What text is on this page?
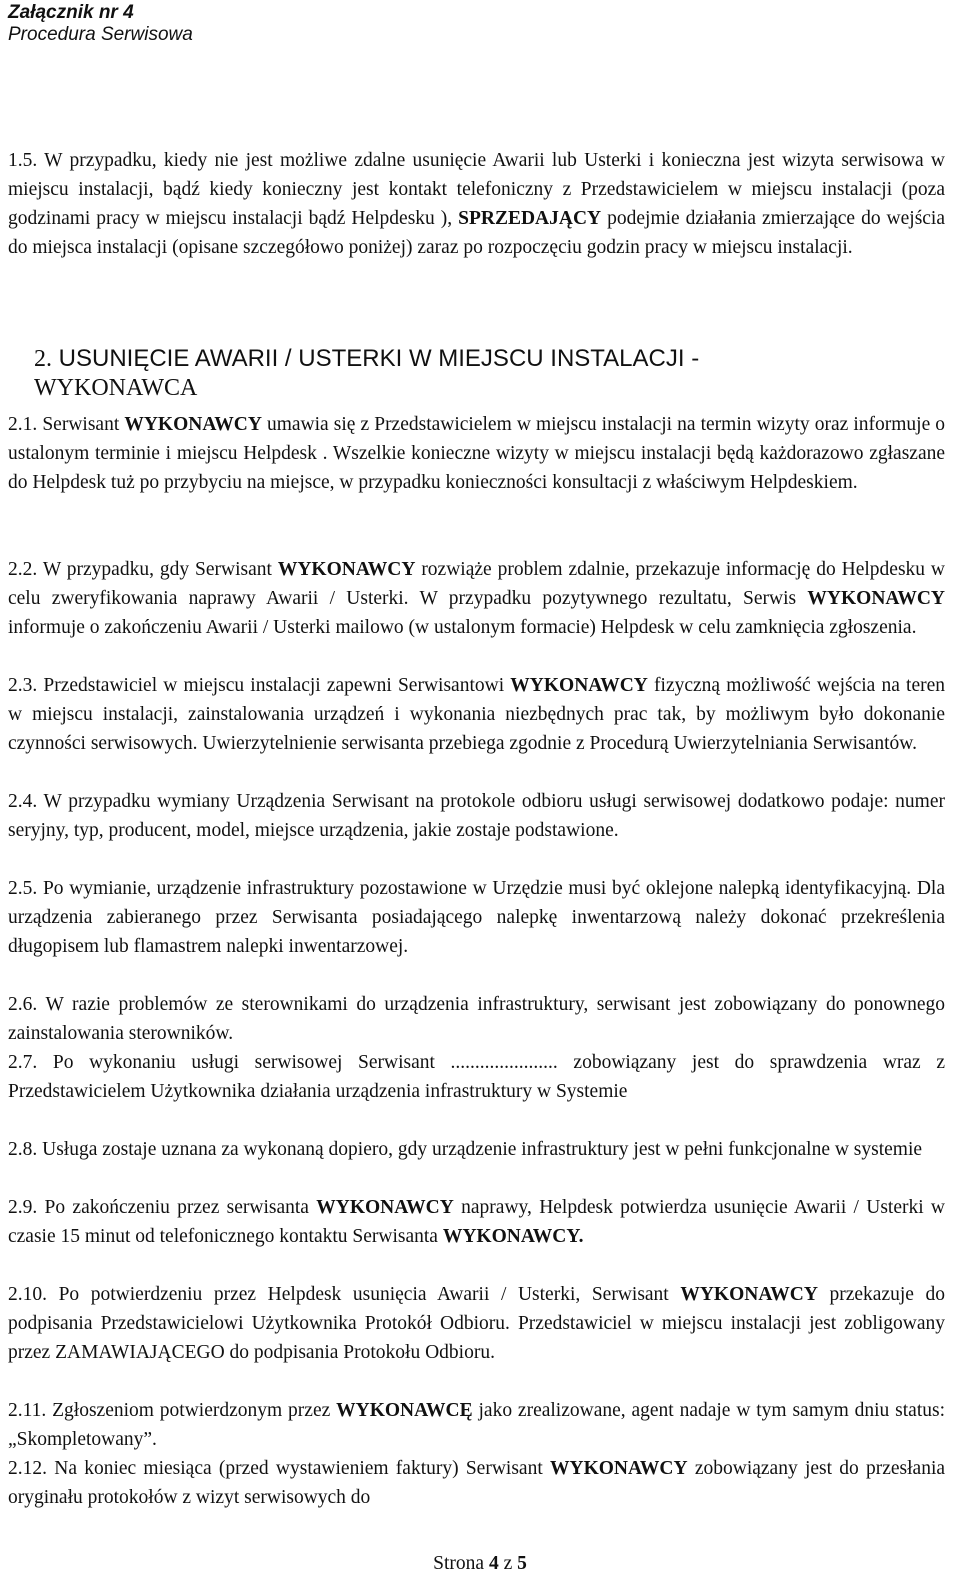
Załącznik nr 4
Procedura Serwisowa

1.5. W przypadku, kiedy nie jest możliwe zdalne usunięcie Awarii lub Usterki i konieczna jest wizyta serwisowa w miejscu instalacji, bądź kiedy konieczny jest kontakt telefoniczny z Przedstawicielem w miejscu instalacji (poza godzinami pracy w miejscu instalacji bądź Helpdesku ), SPRZEDAJĄCY podejmie działania zmierzające do wejścia do miejsca instalacji (opisane szczegółowo poniżej) zaraz po rozpoczęciu godzin pracy w miejscu instalacji.

2. USUNIĘCIE AWARII / USTERKI W MIEJSCU INSTALACJI -
WYKONAWCA

2.1. Serwisant WYKONAWCY umawia się z Przedstawicielem w miejscu instalacji na termin wizyty oraz informuje o ustalonym terminie i miejscu Helpdesk . Wszelkie konieczne wizyty w miejscu instalacji będą każdorazowo zgłaszane do Helpdesk tuż po przybyciu na miejsce, w przypadku konieczności konsultacji z właściwym Helpdeskiem.

2.2. W przypadku, gdy Serwisant WYKONAWCY rozwiąże problem zdalnie, przekazuje informację do Helpdesku w celu zweryfikowania naprawy Awarii / Usterki. W przypadku pozytywnego rezultatu, Serwis WYKONAWCY informuje o zakończeniu Awarii / Usterki mailowo (w ustalonym formacie) Helpdesk w celu zamknięcia zgłoszenia.

2.3. Przedstawiciel w miejscu instalacji zapewni Serwisantowi WYKONAWCY fizyczną możliwość wejścia na teren w miejscu instalacji, zainstalowania urządzeń i wykonania niezbędnych prac tak, by możliwym było dokonanie czynności serwisowych. Uwierzytelnienie serwisanta przebiega zgodnie z Procedurą Uwierzytelniania Serwisantów.

2.4. W przypadku wymiany Urządzenia Serwisant na protokole odbioru usługi serwisowej dodatkowo podaje: numer seryjny, typ, producent, model, miejsce urządzenia, jakie zostaje podstawione.

2.5. Po wymianie, urządzenie infrastruktury pozostawione w Urzędzie musi być oklejone nalepką identyfikacyjną. Dla urządzenia zabieranego przez Serwisanta posiadającego nalepkę inwentarzową należy dokonać przekreślenia długopisem lub flamastrem nalepki inwentarzowej.

2.6. W razie problemów ze sterownikami do urządzenia infrastruktury, serwisant jest zobowiązany do ponownego zainstalowania sterowników.

2.7. Po wykonaniu usługi serwisowej Serwisant ...................... zobowiązany jest do sprawdzenia wraz z Przedstawicielem Użytkownika działania urządzenia infrastruktury w Systemie

2.8. Usługa zostaje uznana za wykonaną dopiero, gdy urządzenie infrastruktury jest w pełni funkcjonalne w systemie

2.9. Po zakończeniu przez serwisanta WYKONAWCY naprawy, Helpdesk potwierdza usunięcie Awarii / Usterki w czasie 15 minut od telefonicznego kontaktu Serwisanta WYKONAWCY.

2.10. Po potwierdzeniu przez Helpdesk usunięcia Awarii / Usterki, Serwisant WYKONAWCY przekazuje do podpisania Przedstawicielowi Użytkownika Protokół Odbioru. Przedstawiciel w miejscu instalacji jest zobligowany przez ZAMAWIAJĄCEGO do podpisania Protokołu Odbioru.

2.11. Zgłoszeniom potwierdzonym przez WYKONAWCĘ jako zrealizowane, agent nadaje w tym samym dniu status: „Skompletowany”.

2.12. Na koniec miesiąca (przed wystawieniem faktury) Serwisant WYKONAWCY zobowiązany jest do przesłania oryginału protokołów z wizyt serwisowych do

Strona 4 z 5
